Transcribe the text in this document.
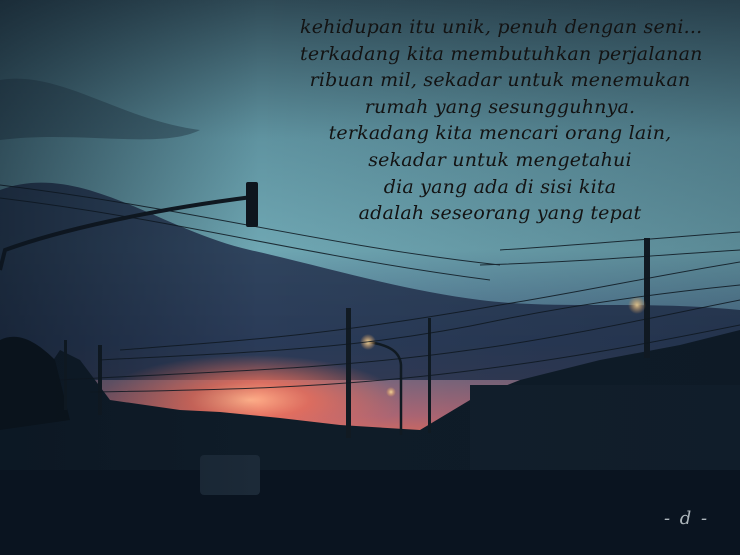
kehidupan itu unik, penuh dengan seni...
terkadang kita membutuhkan perjalanan
ribuan mil, sekadar untuk menemukan
rumah yang sesungguhnya.
terkadang kita mencari orang lain,
sekadar untuk mengetahui
dia yang ada di sisi kita
adalah seseorang yang tepat
- d -
